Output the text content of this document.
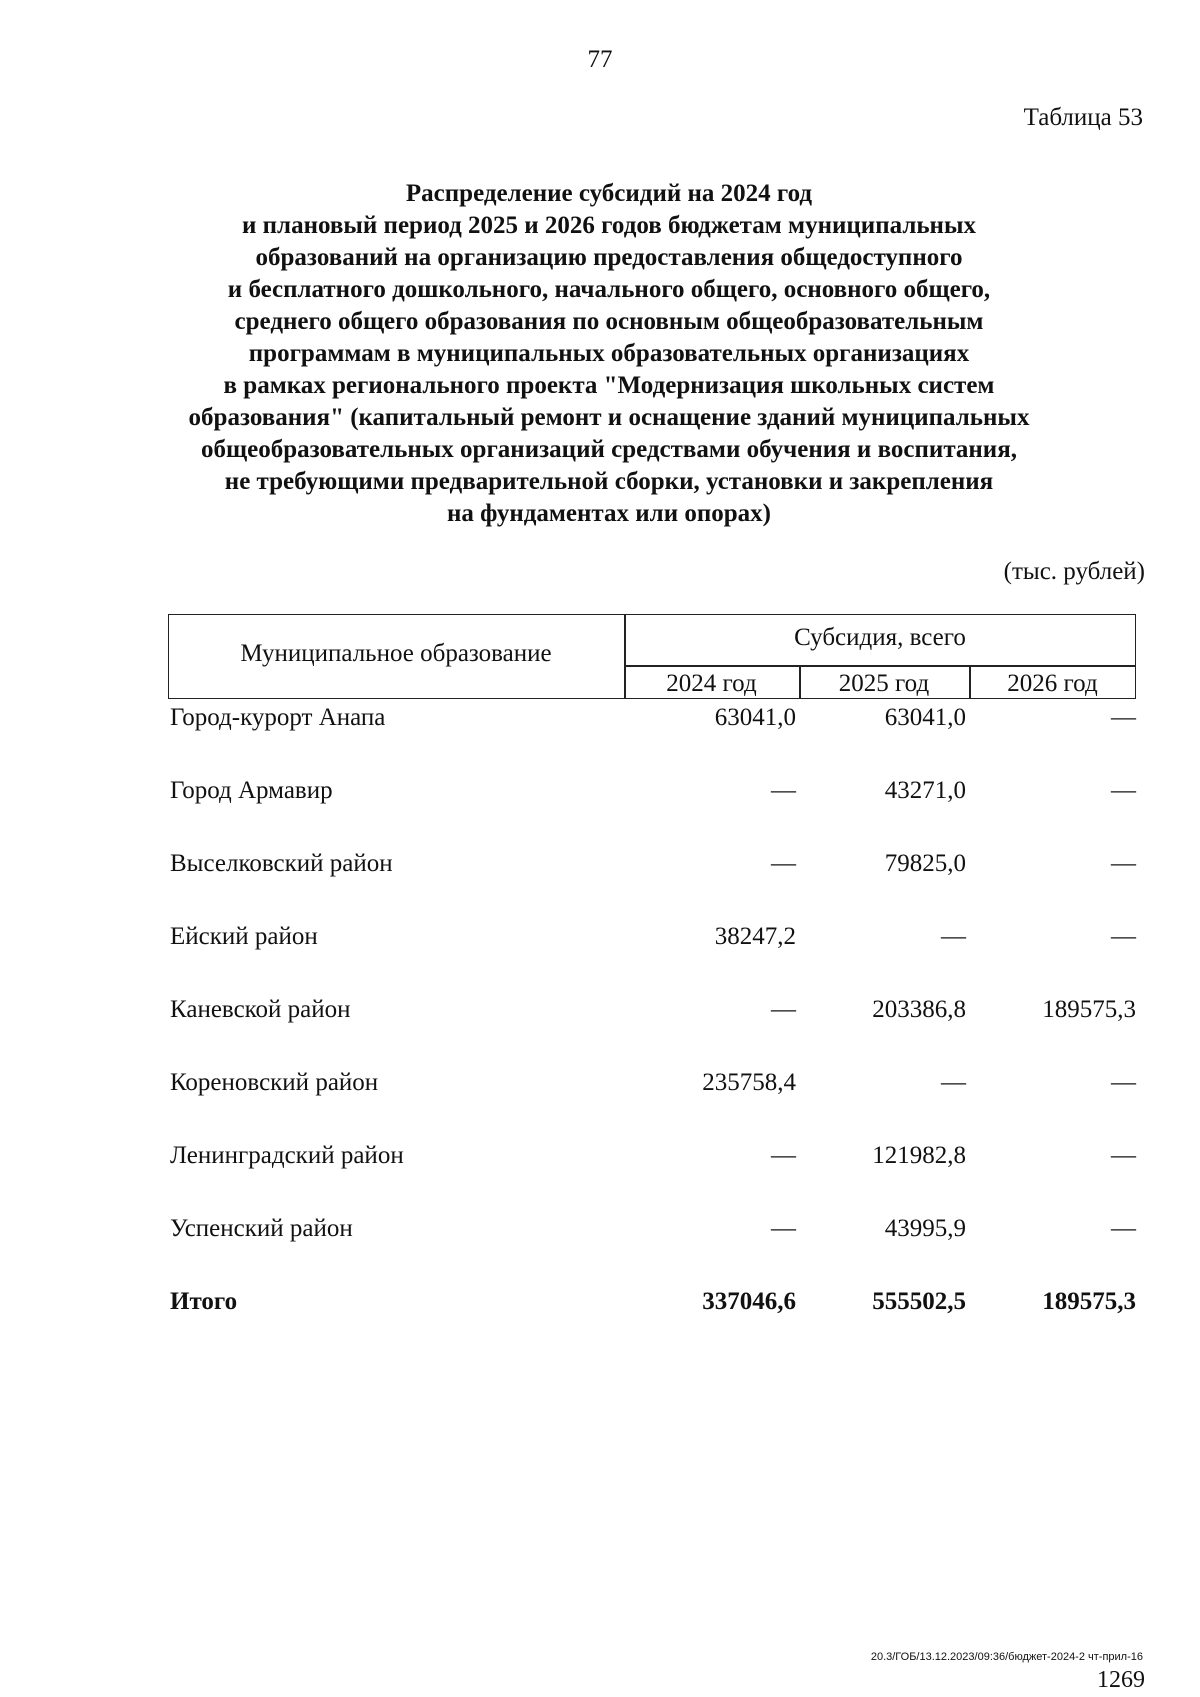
77
Таблица 53
Распределение субсидий на 2024 год
и плановый период 2025 и 2026 годов бюджетам муниципальных
образований на организацию предоставления общедоступного
и бесплатного дошкольного, начального общего, основного общего,
среднего общего образования по основным общеобразовательным
программам в муниципальных образовательных организациях
в рамках регионального проекта "Модернизация школьных систем
образования" (капитальный ремонт и оснащение зданий муниципальных
общеобразовательных организаций средствами обучения и воспитания,
не требующими предварительной сборки, установки и закрепления
на фундаментах или опорах)
(тыс. рублей)
Муниципальное образование
Субсидия, всего
2024 год	2025 год	2026 год
Город-курорт Анапа	63041,0	63041,0	—
Город Армавир	—	43271,0	—
Выселковский район	—	79825,0	—
Ейский район	38247,2	—	—
Каневской район	—	203386,8	189575,3
Кореновский район	235758,4	—	—
Ленинградский район	—	121982,8	—
Успенский район	—	43995,9	—
Итого	337046,6	555502,5	189575,3
20.3/ГОБ/13.12.2023/09:36/бюджет-2024-2 чт-прил-16
1269
